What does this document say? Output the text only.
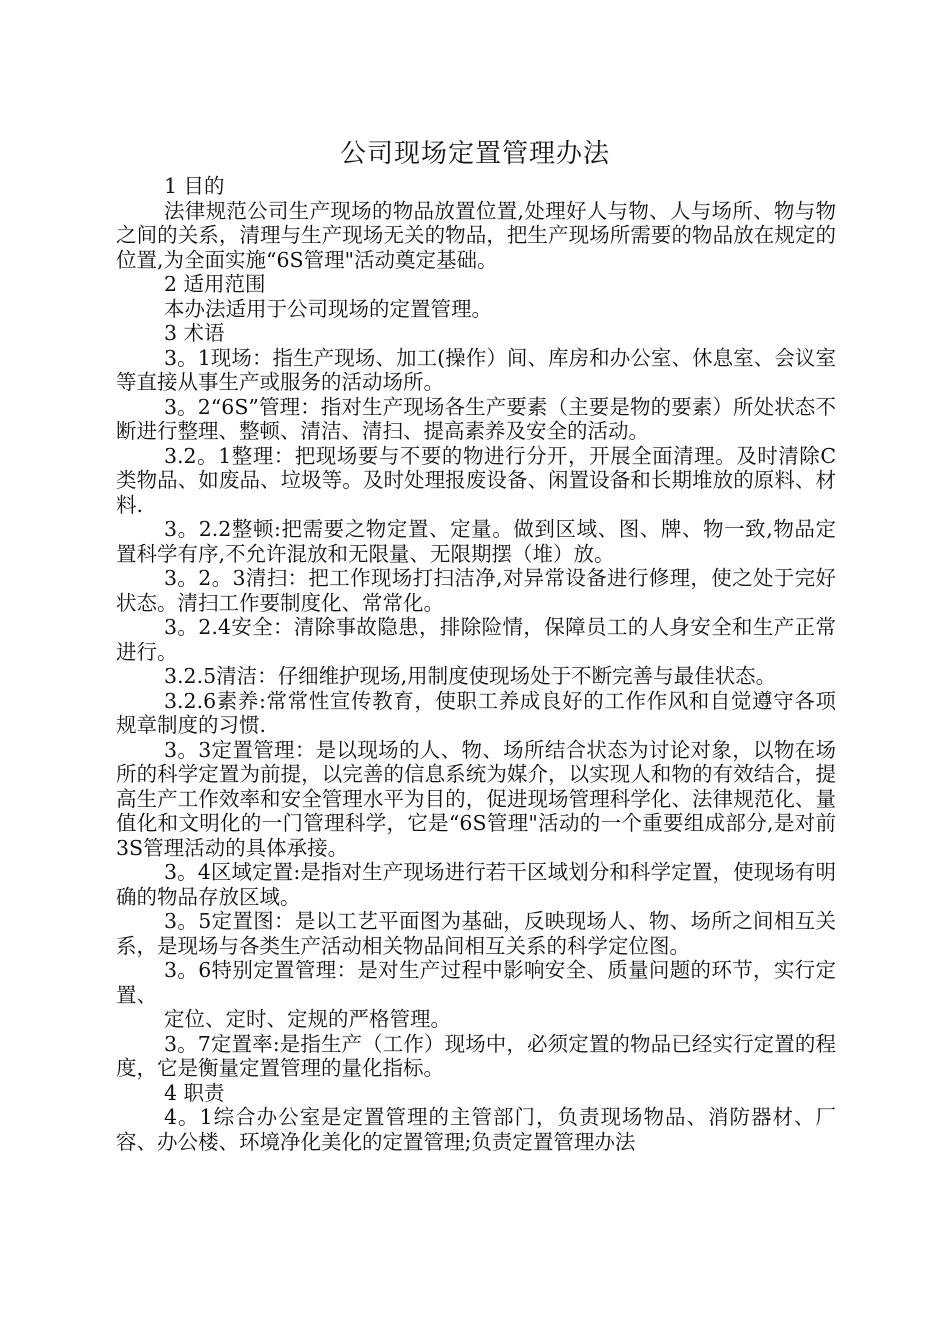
公司现场定置管理办法

1 目的

法律规范公司生产现场的物品放置位置,处理好人与物、人与场所、物与物之间的关系，清理与生产现场无关的物品，把生产现场所需要的物品放在规定的位置,为全面实施“6S管理"活动奠定基础。

2 适用范围

本办法适用于公司现场的定置管理。

3 术语

3。1现场：指生产现场、加工(操作）间、库房和办公室、休息室、会议室等直接从事生产或服务的活动场所。

3。2“6S”管理：指对生产现场各生产要素（主要是物的要素）所处状态不断进行整理、整顿、清洁、清扫、提高素养及安全的活动。

3.2。1整理：把现场要与不要的物进行分开，开展全面清理。及时清除C类物品、如废品、垃圾等。及时处理报废设备、闲置设备和长期堆放的原料、材料.

3。2.2整顿:把需要之物定置、定量。做到区域、图、牌、物一致,物品定置科学有序,不允许混放和无限量、无限期摆（堆）放。

3。2。3清扫：把工作现场打扫洁净,对异常设备进行修理，使之处于完好状态。清扫工作要制度化、常常化。

3。2.4安全：清除事故隐患，排除险情，保障员工的人身安全和生产正常进行。

3.2.5清洁：仔细维护现场,用制度使现场处于不断完善与最佳状态。

3.2.6素养:常常性宣传教育，使职工养成良好的工作作风和自觉遵守各项规章制度的习惯.

3。3定置管理：是以现场的人、物、场所结合状态为讨论对象，以物在场所的科学定置为前提，以完善的信息系统为媒介，以实现人和物的有效结合，提高生产工作效率和安全管理水平为目的，促进现场管理科学化、法律规范化、量值化和文明化的一门管理科学，它是“6S管理"活动的一个重要组成部分,是对前3S管理活动的具体承接。

3。4区域定置:是指对生产现场进行若干区域划分和科学定置，使现场有明确的物品存放区域。

3。5定置图：是以工艺平面图为基础，反映现场人、物、场所之间相互关系，是现场与各类生产活动相关物品间相互关系的科学定位图。

3。6特别定置管理：是对生产过程中影响安全、质量问题的环节，实行定置、

定位、定时、定规的严格管理。

3。7定置率:是指生产（工作）现场中，必须定置的物品已经实行定置的程度，它是衡量定置管理的量化指标。

4 职责

4。1综合办公室是定置管理的主管部门，负责现场物品、消防器材、厂容、办公楼、环境净化美化的定置管理;负责定置管理办法
